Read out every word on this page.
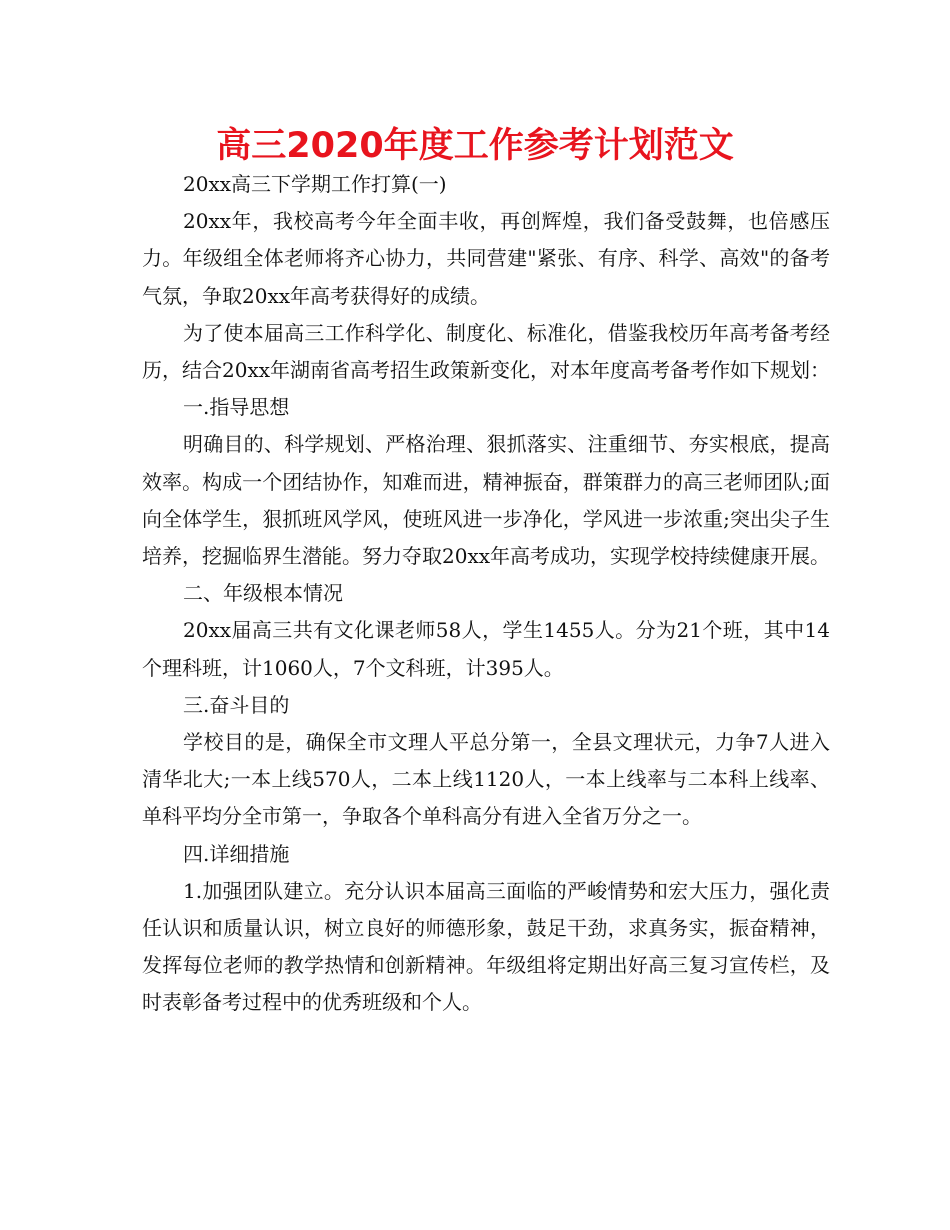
高三2020年度工作参考计划范文

20xx高三下学期工作打算(一)

20xx年，我校高考今年全面丰收，再创辉煌，我们备受鼓舞，也倍感压力。年级组全体老师将齐心协力，共同营建"紧张、有序、科学、高效"的备考气氛，争取20xx年高考获得好的成绩。

为了使本届高三工作科学化、制度化、标准化，借鉴我校历年高考备考经历，结合20xx年湖南省高考招生政策新变化，对本年度高考备考作如下规划：

一.指导思想

明确目的、科学规划、严格治理、狠抓落实、注重细节、夯实根底，提高效率。构成一个团结协作，知难而进，精神振奋，群策群力的高三老师团队;面向全体学生，狠抓班风学风，使班风进一步净化，学风进一步浓重;突出尖子生培养，挖掘临界生潜能。努力夺取20xx年高考成功，实现学校持续健康开展。

二、年级根本情况

20xx届高三共有文化课老师58人，学生1455人。分为21个班，其中14个理科班，计1060人，7个文科班，计395人。

三.奋斗目的

学校目的是，确保全市文理人平总分第一，全县文理状元，力争7人进入清华北大;一本上线570人，二本上线1120人，一本上线率与二本科上线率、单科平均分全市第一，争取各个单科高分有进入全省万分之一。

四.详细措施

1.加强团队建立。充分认识本届高三面临的严峻情势和宏大压力，强化责任认识和质量认识，树立良好的师德形象，鼓足干劲，求真务实，振奋精神，发挥每位老师的教学热情和创新精神。年级组将定期出好高三复习宣传栏，及时表彰备考过程中的优秀班级和个人。
